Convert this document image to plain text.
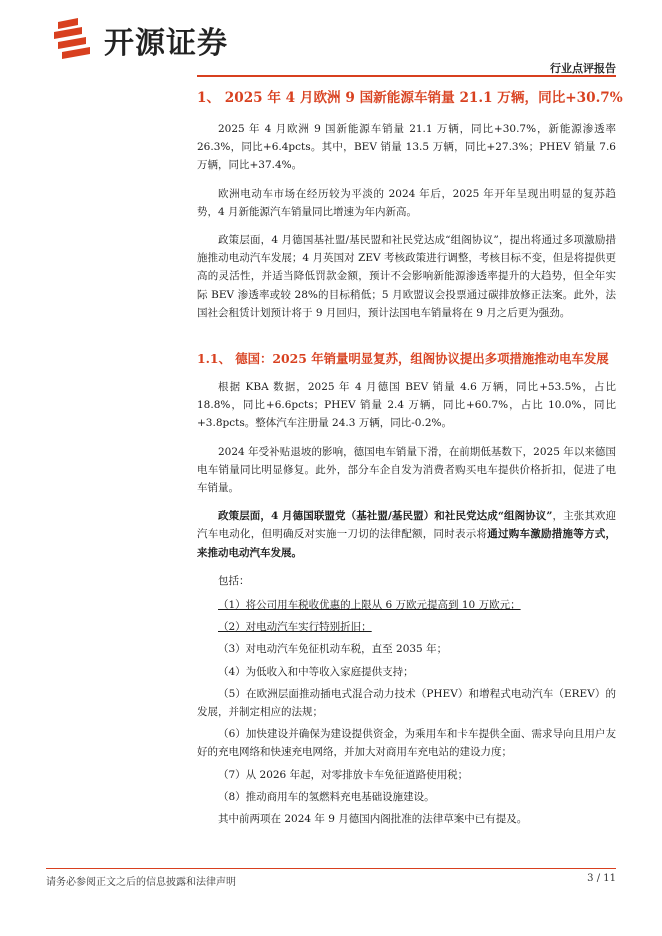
开源证券
行业点评报告
1、 2025 年 4 月欧洲 9 国新能源车销量 21.1 万辆，同比+30.7%

2025 年 4 月欧洲 9 国新能源车销量 21.1 万辆，同比+30.7%，新能源渗透率 26.3%，同比+6.4pcts。其中，BEV 销量 13.5 万辆，同比+27.3%；PHEV 销量 7.6 万辆，同比+37.4%。

欧洲电动车市场在经历较为平淡的 2024 年后，2025 年开年呈现出明显的复苏趋势，4 月新能源汽车销量同比增速为年内新高。

政策层面，4 月德国基社盟/基民盟和社民党达成“组阁协议”，提出将通过多项激励措施推动电动汽车发展；4 月英国对 ZEV 考核政策进行调整，考核目标不变，但是将提供更高的灵活性，并适当降低罚款金额，预计不会影响新能源渗透率提升的大趋势，但全年实际 BEV 渗透率或较 28%的目标稍低；5 月欧盟议会投票通过碳排放修正法案。此外，法国社会租赁计划预计将于 9 月回归，预计法国电车销量将在 9 月之后更为强劲。

1.1、 德国：2025 年销量明显复苏，组阁协议提出多项措施推动电车发展

根据 KBA 数据，2025 年 4 月德国 BEV 销量 4.6 万辆，同比+53.5%，占比 18.8%，同比+6.6pcts；PHEV 销量 2.4 万辆，同比+60.7%，占比 10.0%，同比+3.8pcts。整体汽车注册量 24.3 万辆，同比-0.2%。

2024 年受补贴退坡的影响，德国电车销量下滑，在前期低基数下，2025 年以来德国电车销量同比明显修复。此外，部分车企自发为消费者购买电车提供价格折扣，促进了电车销量。

政策层面，4 月德国联盟党（基社盟/基民盟）和社民党达成“组阁协议”，主张其欢迎汽车电动化，但明确反对实施一刀切的法律配额，同时表示将通过购车激励措施等方式，来推动电动汽车发展。

包括：

（1）将公司用车税收优惠的上限从 6 万欧元提高到 10 万欧元；

（2）对电动汽车实行特别折旧；

（3）对电动汽车免征机动车税，直至 2035 年；

（4）为低收入和中等收入家庭提供支持；

（5）在欧洲层面推动插电式混合动力技术（PHEV）和增程式电动汽车（EREV）的发展，并制定相应的法规；

（6）加快建设并确保为建设提供资金，为乘用车和卡车提供全面、需求导向且用户友好的充电网络和快速充电网络，并加大对商用车充电站的建设力度；

（7）从 2026 年起，对零排放卡车免征道路使用税；

（8）推动商用车的氢燃料充电基础设施建设。

其中前两项在 2024 年 9 月德国内阁批准的法律草案中已有提及。

请务必参阅正文之后的信息披露和法律声明	3 / 11
